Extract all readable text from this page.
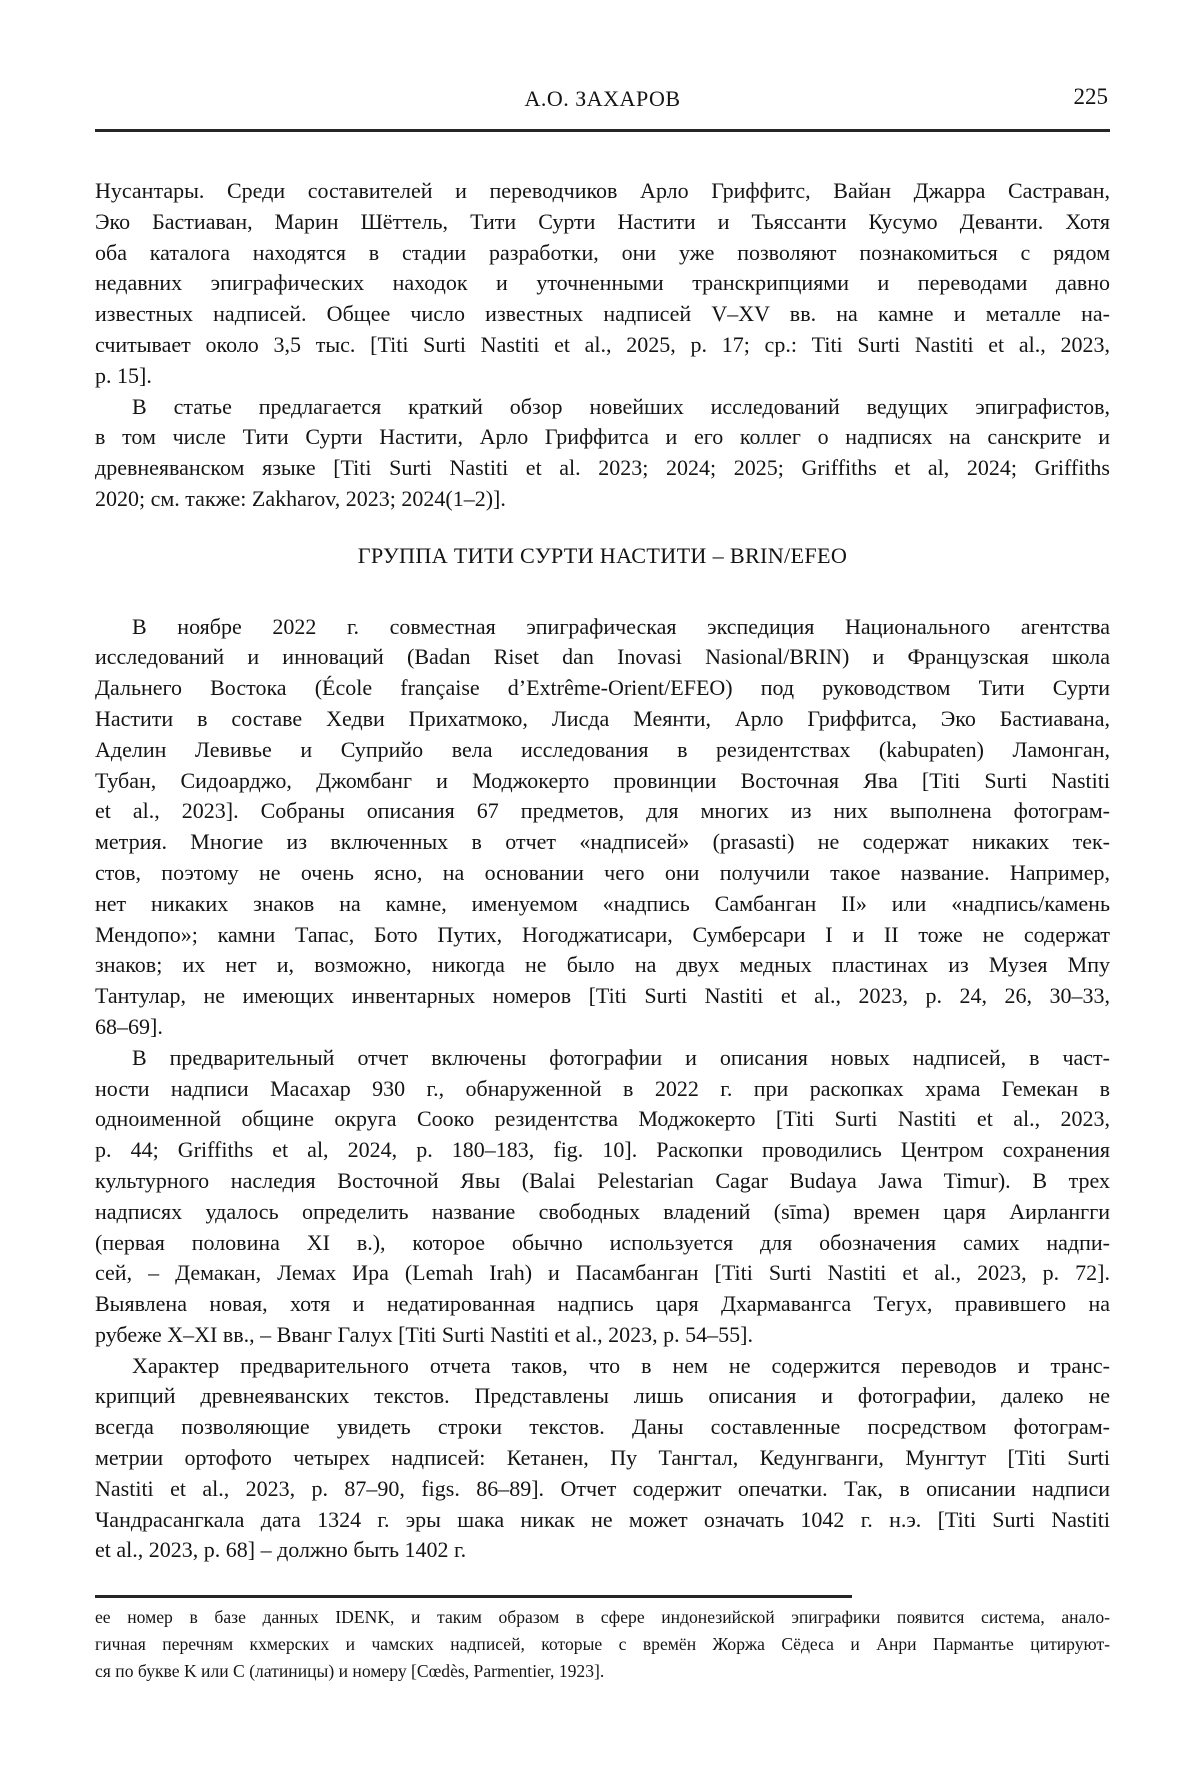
А.О. ЗАХАРОВ	225
Нусантары. Среди составителей и переводчиков Арло Гриффитс, Вайан Джарра Састраван,
Эко Бастиаван, Марин Шёттель, Тити Сурти Настити и Тьяссанти Кусумо Деванти. Хотя
оба каталога находятся в стадии разработки, они уже позволяют познакомиться с рядом
недавних эпиграфических находок и уточненными транскрипциями и переводами давно
известных надписей. Общее число известных надписей V–XV вв. на камне и металле на-
считывает около 3,5 тыс. [Titi Surti Nastiti et al., 2025, p. 17; ср.: Titi Surti Nastiti et al., 2023,
p. 15].
В статье предлагается краткий обзор новейших исследований ведущих эпиграфистов,
в том числе Тити Сурти Настити, Арло Гриффитса и его коллег о надписях на санскрите и
древнеяванском языке [Titi Surti Nastiti et al. 2023; 2024; 2025; Griffiths et al, 2024; Griffiths
2020; см. также: Zakharov, 2023; 2024(1–2)].
ГРУППА ТИТИ СУРТИ НАСТИТИ – BRIN/EFEO
В ноябре 2022 г. совместная эпиграфическая экспедиция Национального агентства
исследований и инноваций (Badan Riset dan Inovasi Nasional/BRIN) и Французская школа
Дальнего Востока (École française d’Extrême-Orient/EFEO) под руководством Тити Сурти
Настити в составе Хедви Прихатмоко, Лисда Меянти, Арло Гриффитса, Эко Бастиавана,
Аделин Левивье и Суприйо вела исследования в резидентствах (kabupaten) Ламонган,
Тубан, Сидоарджо, Джомбанг и Моджокерто провинции Восточная Ява [Titi Surti Nastiti
et al., 2023]. Собраны описания 67 предметов, для многих из них выполнена фотограм-
метрия. Многие из включенных в отчет «надписей» (prasasti) не содержат никаких тек-
стов, поэтому не очень ясно, на основании чего они получили такое название. Например,
нет никаких знаков на камне, именуемом «надпись Самбанган II» или «надпись/камень
Мендопо»; камни Тапас, Бото Путих, Ногоджатисари, Сумберсари I и II тоже не содержат
знаков; их нет и, возможно, никогда не было на двух медных пластинах из Музея Мпу
Тантулар, не имеющих инвентарных номеров [Titi Surti Nastiti et al., 2023, p. 24, 26, 30–33,
68–69].
В предварительный отчет включены фотографии и описания новых надписей, в част-
ности надписи Масахар 930 г., обнаруженной в 2022 г. при раскопках храма Гемекан в
одноименной общине округа Сооко резидентства Моджокерто [Titi Surti Nastiti et al., 2023,
p. 44; Griffiths et al, 2024, p. 180–183, fig. 10]. Раскопки проводились Центром сохранения
культурного наследия Восточной Явы (Balai Pelestarian Cagar Budaya Jawa Timur). В трех
надписях удалось определить название свободных владений (sīma) времен царя Аирлангги
(первая половина XI в.), которое обычно используется для обозначения самих надпи-
сей, – Демакан, Лемах Ира (Lemah Irah) и Пасамбанган [Titi Surti Nastiti et al., 2023, p. 72].
Выявлена новая, хотя и недатированная надпись царя Дхармавангса Тегух, правившего на
рубеже X–XI вв., – Вванг Галух [Titi Surti Nastiti et al., 2023, p. 54–55].
Характер предварительного отчета таков, что в нем не содержится переводов и транс-
крипций древнеяванских текстов. Представлены лишь описания и фотографии, далеко не
всегда позволяющие увидеть строки текстов. Даны составленные посредством фотограм-
метрии ортофото четырех надписей: Кетанен, Пу Тангтал, Кедунгванги, Мунгтут [Titi Surti
Nastiti et al., 2023, p. 87–90, figs. 86–89]. Отчет содержит опечатки. Так, в описании надписи
Чандрасангкала дата 1324 г. эры шака никак не может означать 1042 г. н.э. [Titi Surti Nastiti
et al., 2023, p. 68] – должно быть 1402 г.
ее номер в базе данных IDENK, и таким образом в сфере индонезийской эпиграфики появится система, анало-
гичная перечням кхмерских и чамских надписей, которые с времён Жоржа Сёдеса и Анри Пармантье цитируют-
ся по букве K или C (латиницы) и номеру [Cœdès, Parmentier, 1923].
